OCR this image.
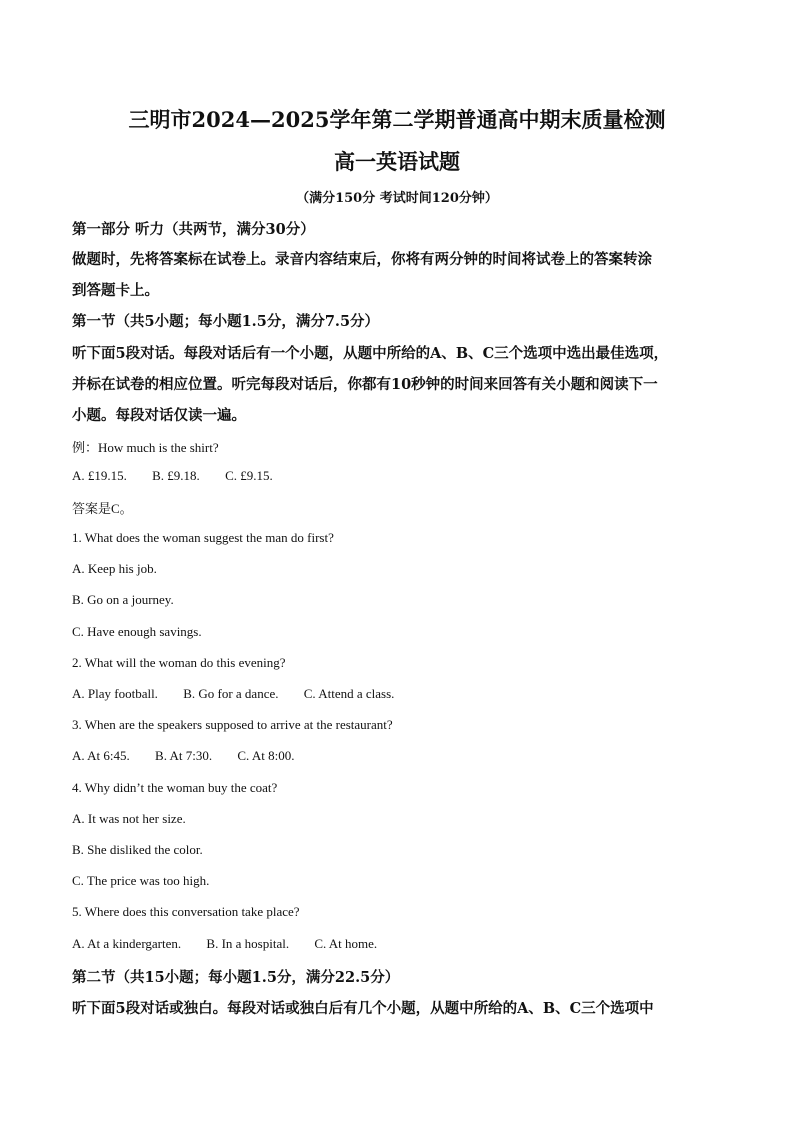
三明市2024—2025学年第二学期普通高中期末质量检测
高一英语试题
（满分150分 考试时间120分钟）
第一部分 听力（共两节，满分30分）
做题时，先将答案标在试卷上。录音内容结束后，你将有两分钟的时间将试卷上的答案转涂
到答题卡上。
第一节（共5小题；每小题1.5分，满分7.5分）
听下面5段对话。每段对话后有一个小题，从题中所给的A、B、C三个选项中选出最佳选项，
并标在试卷的相应位置。听完每段对话后，你都有10秒钟的时间来回答有关小题和阅读下一
小题。每段对话仅读一遍。
例：How much is the shirt?
A. £19.15. B. £9.18. C. £9.15.
答案是C。
1. What does the woman suggest the man do first?
A. Keep his job.
B. Go on a journey.
C. Have enough savings.
2. What will the woman do this evening?
A. Play football. B. Go for a dance. C. Attend a class.
3. When are the speakers supposed to arrive at the restaurant?
A. At 6:45. B. At 7:30. C. At 8:00.
4. Why didn’t the woman buy the coat?
A. It was not her size.
B. She disliked the color.
C. The price was too high.
5. Where does this conversation take place?
A. At a kindergarten. B. In a hospital. C. At home.
第二节（共15小题；每小题1.5分，满分22.5分）
听下面5段对话或独白。每段对话或独白后有几个小题，从题中所给的A、B、C三个选项中
